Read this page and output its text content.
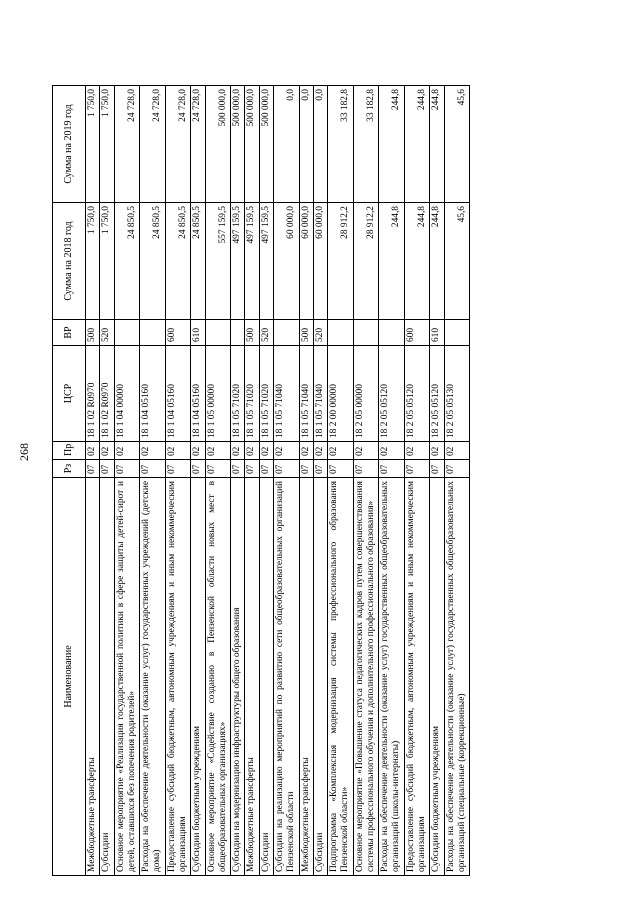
268
Наименование	Рз	Пр	ЦСР	ВР	Сумма на 2018 год	Сумма на 2019 год
Межбюджетные трансферты	07	02	18 1 02 R0970	500	1 750,0	1 750,0
Субсидии	07	02	18 1 02 R0970	520	1 750,0	1 750,0
Основное мероприятие «Реализация государственной политики в сфере защиты детей-сирот и детей, оставшихся без попечения родителей»	07	02	18 1 04 00000		24 850,5	24 728,0
Расходы на обеспечение деятельности (оказание услуг) государственных учреждений (детские дома)	07	02	18 1 04 05160		24 850,5	24 728,0
Предоставление субсидий бюджетным, автономным учреждениям и иным некоммерческим организациям	07	02	18 1 04 05160	600	24 850,5	24 728,0
Субсидии бюджетным учреждениям	07	02	18 1 04 05160	610	24 850,5	24 728,0
Основное мероприятие «Содействие созданию в Пензенской области новых мест в общеобразовательных организациях»	07	02	18 1 05 00000		557 159,5	500 000,0
Субсидии на модернизацию инфраструктуры общего образования	07	02	18 1 05 71020		497 159,5	500 000,0
Межбюджетные трансферты	07	02	18 1 05 71020	500	497 159,5	500 000,0
Субсидии	07	02	18 1 05 71020	520	497 159,5	500 000,0
Субсидии на реализацию мероприятий по развитию сети общеобразовательных организаций Пензенской области	07	02	18 1 05 71040		60 000,0	0,0
Межбюджетные трансферты	07	02	18 1 05 71040	500	60 000,0	0,0
Субсидии	07	02	18 1 05 71040	520	60 000,0	0,0
Подпрограмма «Комплексная модернизация системы профессионального образования Пензенской области»	07	02	18 2 00 00000		28 912,2	33 182,8
Основное мероприятие «Повышение статуса педагогических кадров путем совершенствования системы профессионального обучения и дополнительного профессионального образования»	07	02	18 2 05 00000		28 912,2	33 182,8
Расходы на обеспечение деятельности (оказание услуг) государственных общеобразовательных организаций (школы-интернаты)	07	02	18 2 05 05120		244,8	244,8
Предоставление субсидий бюджетным, автономным учреждениям и иным некоммерческим организациям	07	02	18 2 05 05120	600	244,8	244,8
Субсидии бюджетным учреждениям	07	02	18 2 05 05120	610	244,8	244,8
Расходы на обеспечение деятельности (оказание услуг) государственных общеобразовательных организаций (специальные (коррекционные)	07	02	18 2 05 05130		45,6	45,6
